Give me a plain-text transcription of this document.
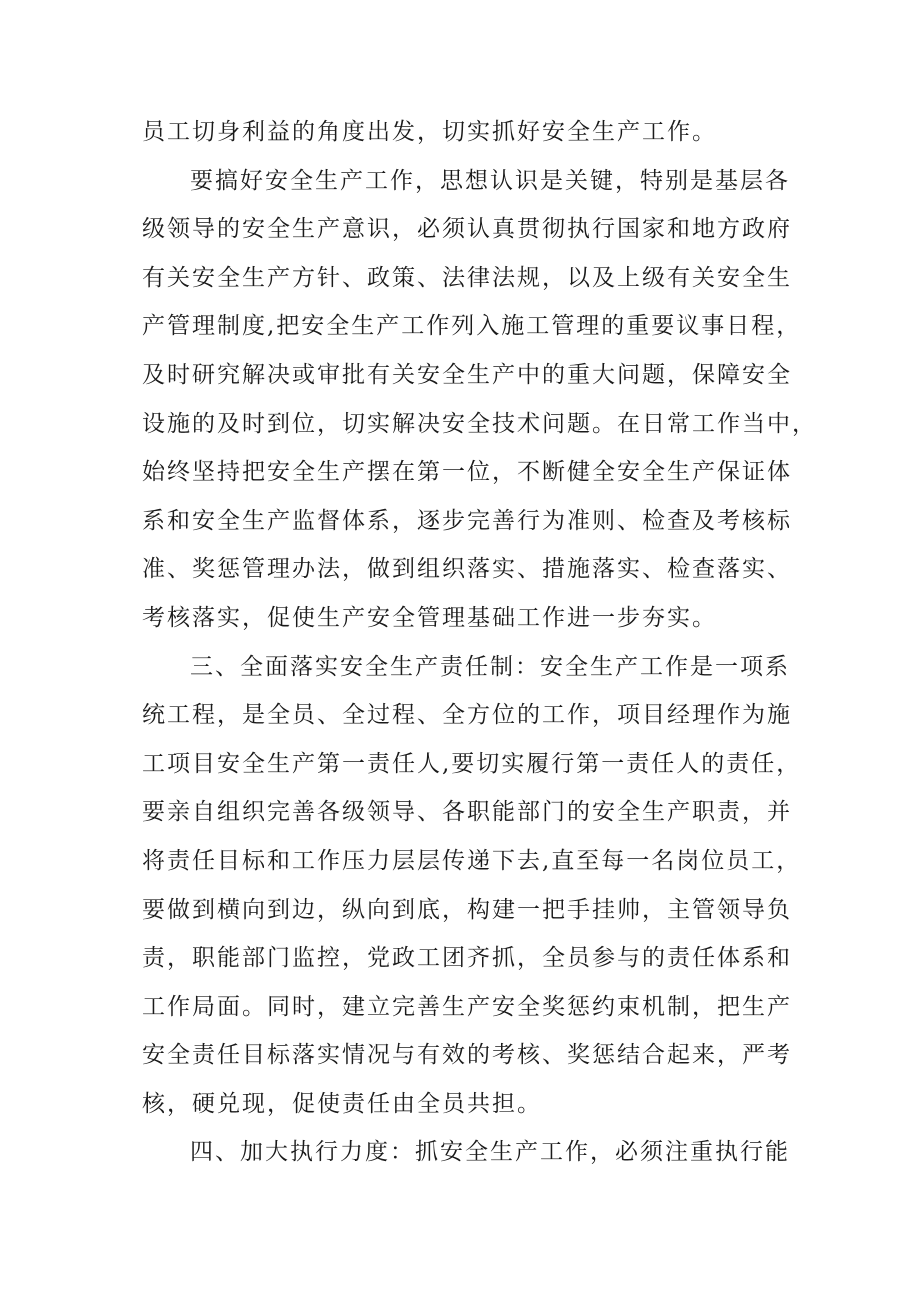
员工切身利益的角度出发，切实抓好安全生产工作。
要搞好安全生产工作，思想认识是关键，特别是基层各
级领导的安全生产意识，必须认真贯彻执行国家和地方政府
有关安全生产方针、政策、法律法规，以及上级有关安全生
产管理制度,把安全生产工作列入施工管理的重要议事日程，
及时研究解决或审批有关安全生产中的重大问题，保障安全
设施的及时到位，切实解决安全技术问题。在日常工作当中，
始终坚持把安全生产摆在第一位，不断健全安全生产保证体
系和安全生产监督体系，逐步完善行为准则、检查及考核标
准、奖惩管理办法，做到组织落实、措施落实、检查落实、
考核落实，促使生产安全管理基础工作进一步夯实。
三、全面落实安全生产责任制：安全生产工作是一项系
统工程，是全员、全过程、全方位的工作，项目经理作为施
工项目安全生产第一责任人,要切实履行第一责任人的责任，
要亲自组织完善各级领导、各职能部门的安全生产职责，并
将责任目标和工作压力层层传递下去,直至每一名岗位员工，
要做到横向到边，纵向到底，构建一把手挂帅，主管领导负
责，职能部门监控，党政工团齐抓，全员参与的责任体系和
工作局面。同时，建立完善生产安全奖惩约束机制，把生产
安全责任目标落实情况与有效的考核、奖惩结合起来，严考
核，硬兑现，促使责任由全员共担。
四、加大执行力度：抓安全生产工作，必须注重执行能
